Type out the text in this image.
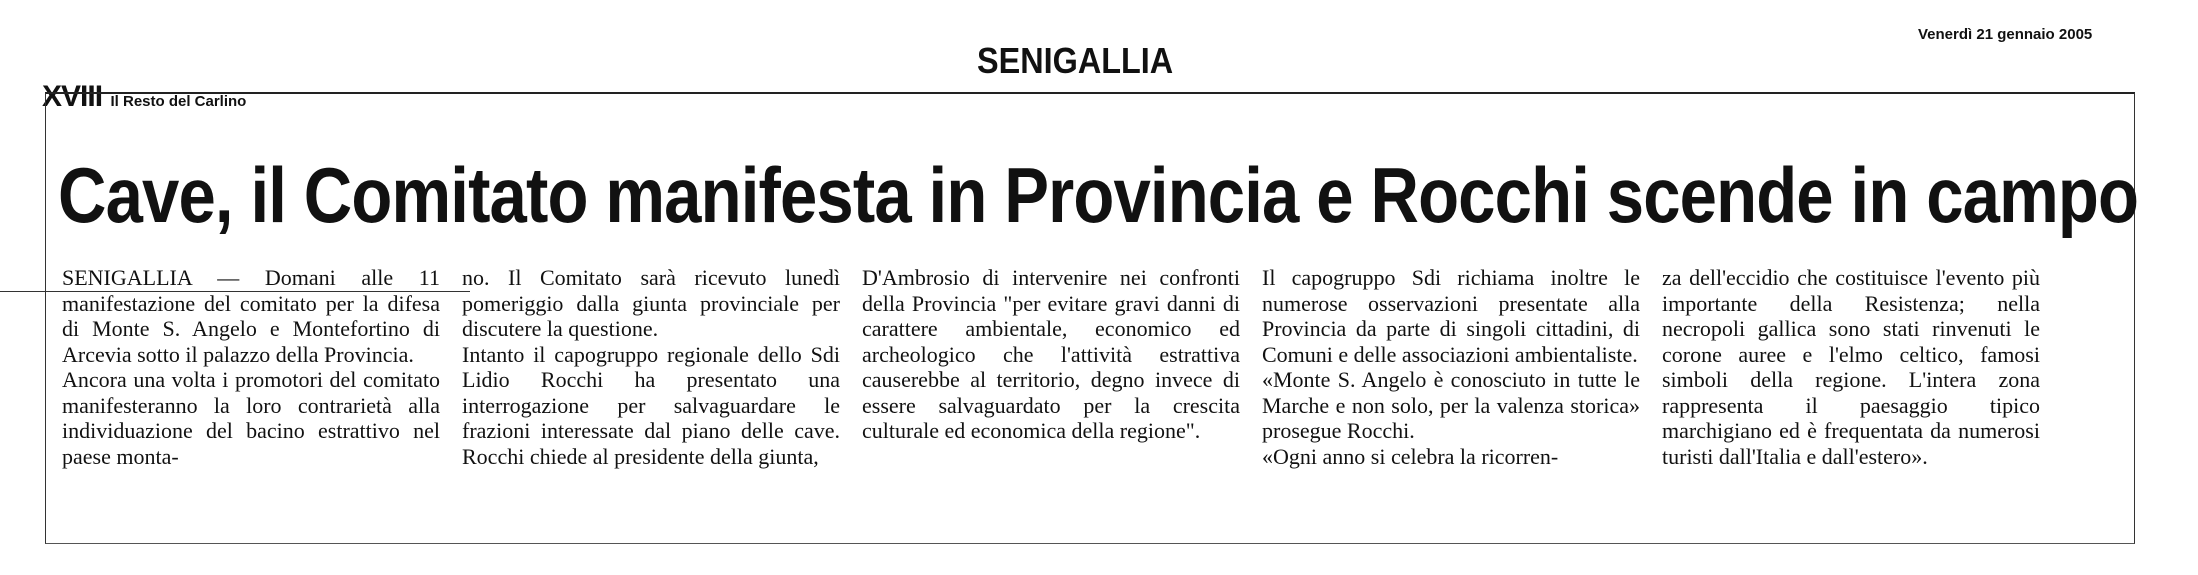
XVIII Il Resto del Carlino
SENIGALLIA
Venerdì 21 gennaio 2005
Cave, il Comitato manifesta in Provincia e Rocchi scende in campo

SENIGALLIA — Domani alle 11 manifestazione del comitato per la difesa di Monte S. Angelo e Montefortino di Arcevia sotto il palazzo della Provincia.

Ancora una volta i promotori del comitato manifesteranno la loro contrarietà alla individuazione del bacino estrattivo nel paese monta-

no. Il Comitato sarà ricevuto lunedì pomeriggio dalla giunta provinciale per discutere la questione.

Intanto il capogruppo regionale dello Sdi Lidio Rocchi ha presentato una interrogazione per salvaguardare le frazioni interessate dal piano delle cave. Rocchi chiede al presidente della giunta,

D'Ambrosio di intervenire nei confronti della Provincia "per evitare gravi danni di carattere ambientale, economico ed archeologico che l'attività estrattiva causerebbe al territorio, degno invece di essere salvaguardato per la crescita culturale ed economica della regione".

Il capogruppo Sdi richiama inoltre le numerose osservazioni presentate alla Provincia da parte di singoli cittadini, di Comuni e delle associazioni ambientaliste.

«Monte S. Angelo è conosciuto in tutte le Marche e non solo, per la valenza storica» prosegue Rocchi.

«Ogni anno si celebra la ricorren-

za dell'eccidio che costituisce l'evento più importante della Resistenza; nella necropoli gallica sono stati rinvenuti le corone auree e l'elmo celtico, famosi simboli della regione. L'intera zona rappresenta il paesaggio tipico marchigiano ed è frequentata da numerosi turisti dall'Italia e dall'estero».
